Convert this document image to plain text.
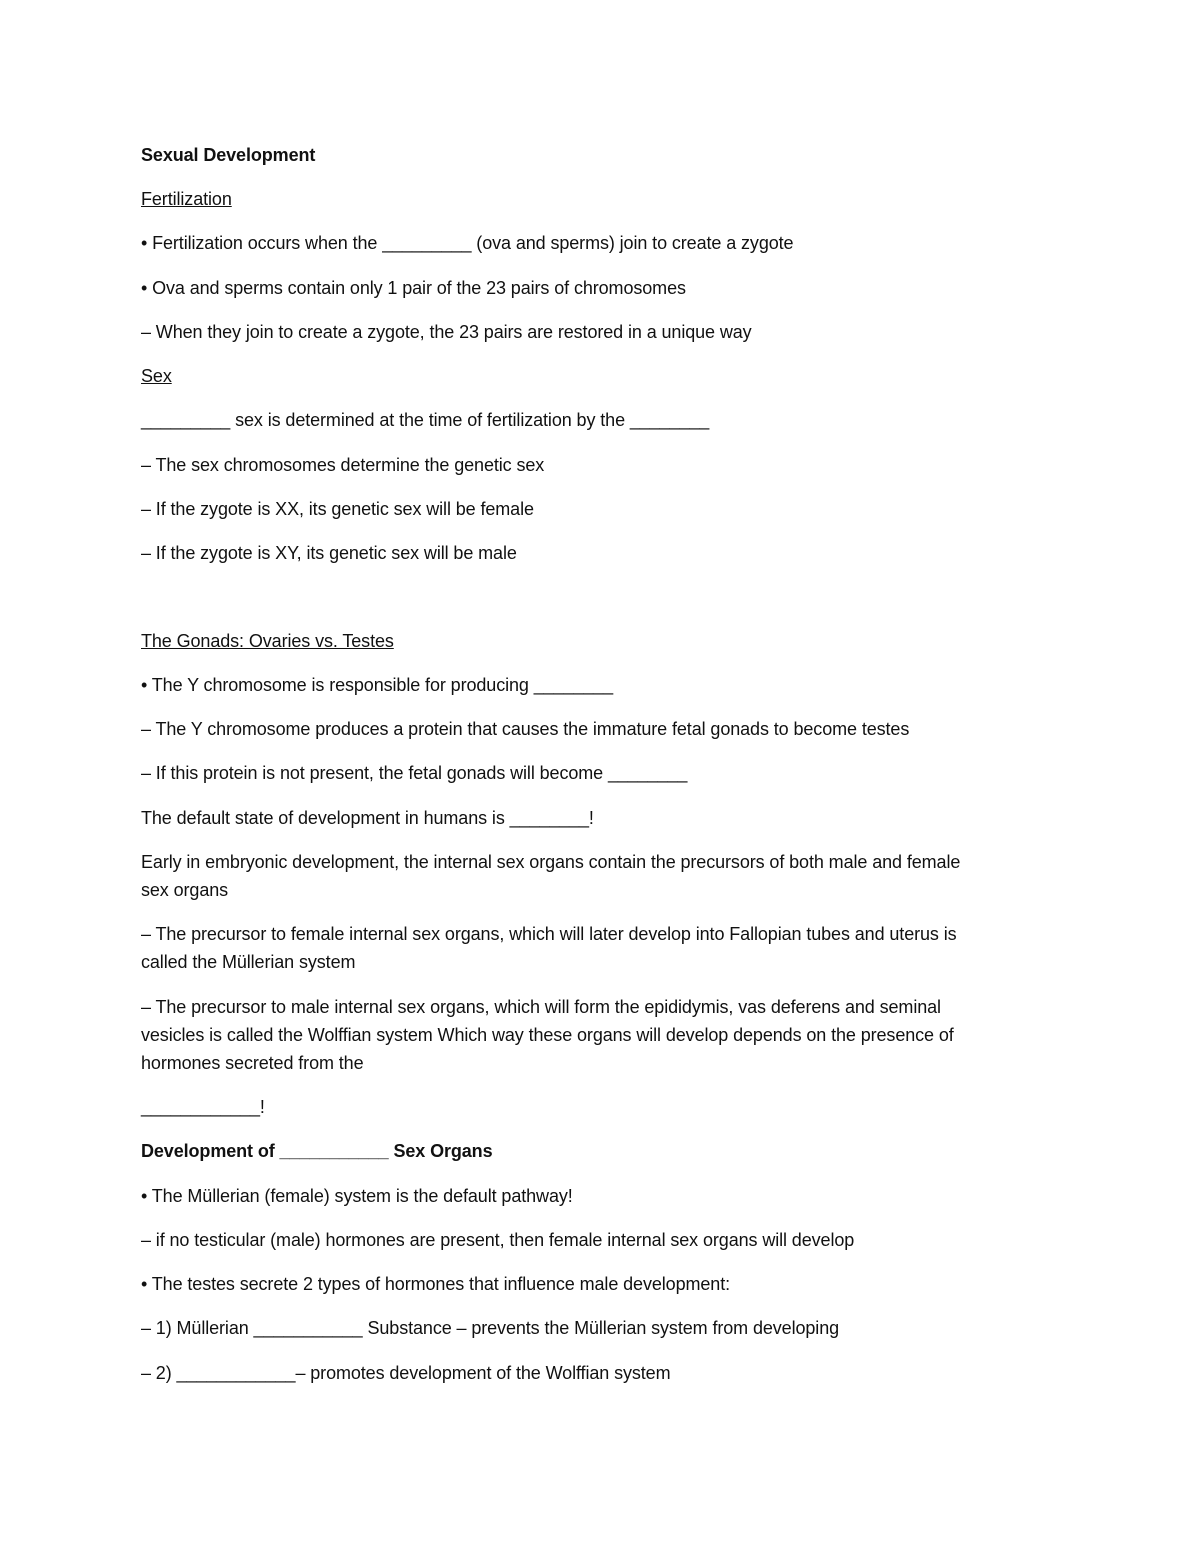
Sexual Development
Fertilization
• Fertilization occurs when the _________ (ova and sperms) join to create a zygote
• Ova and sperms contain only 1 pair of the 23 pairs of chromosomes
– When they join to create a zygote, the 23 pairs are restored in a unique way
Sex
_________ sex is determined at the time of fertilization by the ________
– The sex chromosomes determine the genetic sex
– If the zygote is XX, its genetic sex will be female
– If the zygote is XY, its genetic sex will be male
The Gonads: Ovaries vs. Testes
• The Y chromosome is responsible for producing ________
– The Y chromosome produces a protein that causes the immature fetal gonads to become testes
– If this protein is not present, the fetal gonads will become ________
The default state of development in humans is ________!
Early in embryonic development, the internal sex organs contain the precursors of both male and female
sex organs
– The precursor to female internal sex organs, which will later develop into Fallopian tubes and uterus is
called the Müllerian system
– The precursor to male internal sex organs, which will form the epididymis, vas deferens and seminal
vesicles is called the Wolffian system Which way these organs will develop depends on the presence of
hormones secreted from the
____________!
Development of ___________ Sex Organs
• The Müllerian (female) system is the default pathway!
– if no testicular (male) hormones are present, then female internal sex organs will develop
• The testes secrete 2 types of hormones that influence male development:
– 1) Müllerian ___________ Substance – prevents the Müllerian system from developing
– 2) ____________– promotes development of the Wolffian system
